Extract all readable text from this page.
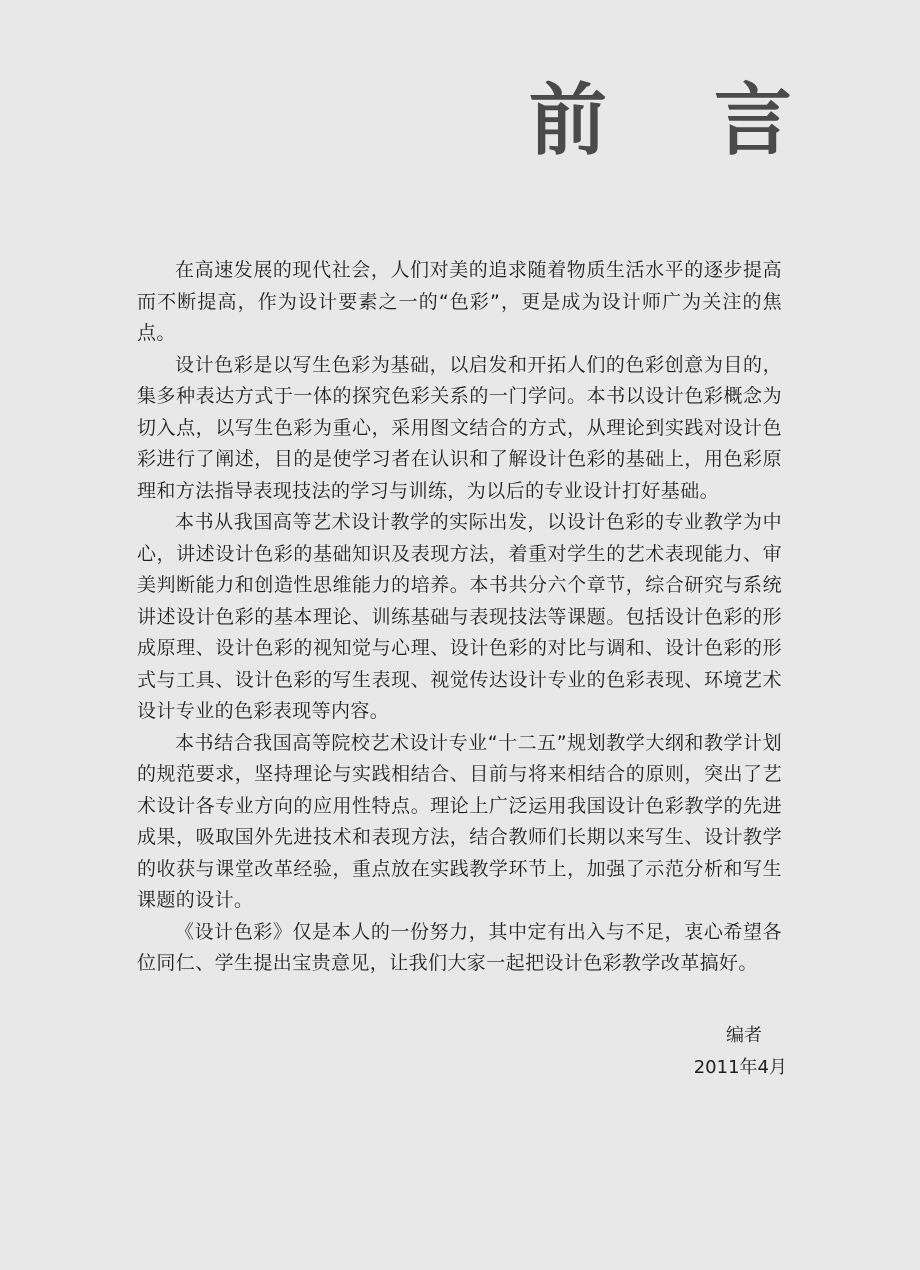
前 言

在高速发展的现代社会，人们对美的追求随着物质生活水平的逐步提高而不断提高，作为设计要素之一的“色彩”，更是成为设计师广为关注的焦点。

设计色彩是以写生色彩为基础，以启发和开拓人们的色彩创意为目的，集多种表达方式于一体的探究色彩关系的一门学问。本书以设计色彩概念为切入点，以写生色彩为重心，采用图文结合的方式，从理论到实践对设计色彩进行了阐述，目的是使学习者在认识和了解设计色彩的基础上，用色彩原理和方法指导表现技法的学习与训练，为以后的专业设计打好基础。

本书从我国高等艺术设计教学的实际出发，以设计色彩的专业教学为中心，讲述设计色彩的基础知识及表现方法，着重对学生的艺术表现能力、审美判断能力和创造性思维能力的培养。本书共分六个章节，综合研究与系统讲述设计色彩的基本理论、训练基础与表现技法等课题。包括设计色彩的形成原理、设计色彩的视知觉与心理、设计色彩的对比与调和、设计色彩的形式与工具、设计色彩的写生表现、视觉传达设计专业的色彩表现、环境艺术设计专业的色彩表现等内容。

本书结合我国高等院校艺术设计专业“十二五”规划教学大纲和教学计划的规范要求，坚持理论与实践相结合、目前与将来相结合的原则，突出了艺术设计各专业方向的应用性特点。理论上广泛运用我国设计色彩教学的先进成果，吸取国外先进技术和表现方法，结合教师们长期以来写生、设计教学的收获与课堂改革经验，重点放在实践教学环节上，加强了示范分析和写生课题的设计。

《设计色彩》仅是本人的一份努力，其中定有出入与不足，衷心希望各位同仁、学生提出宝贵意见，让我们大家一起把设计色彩教学改革搞好。

编者
2011年4月
